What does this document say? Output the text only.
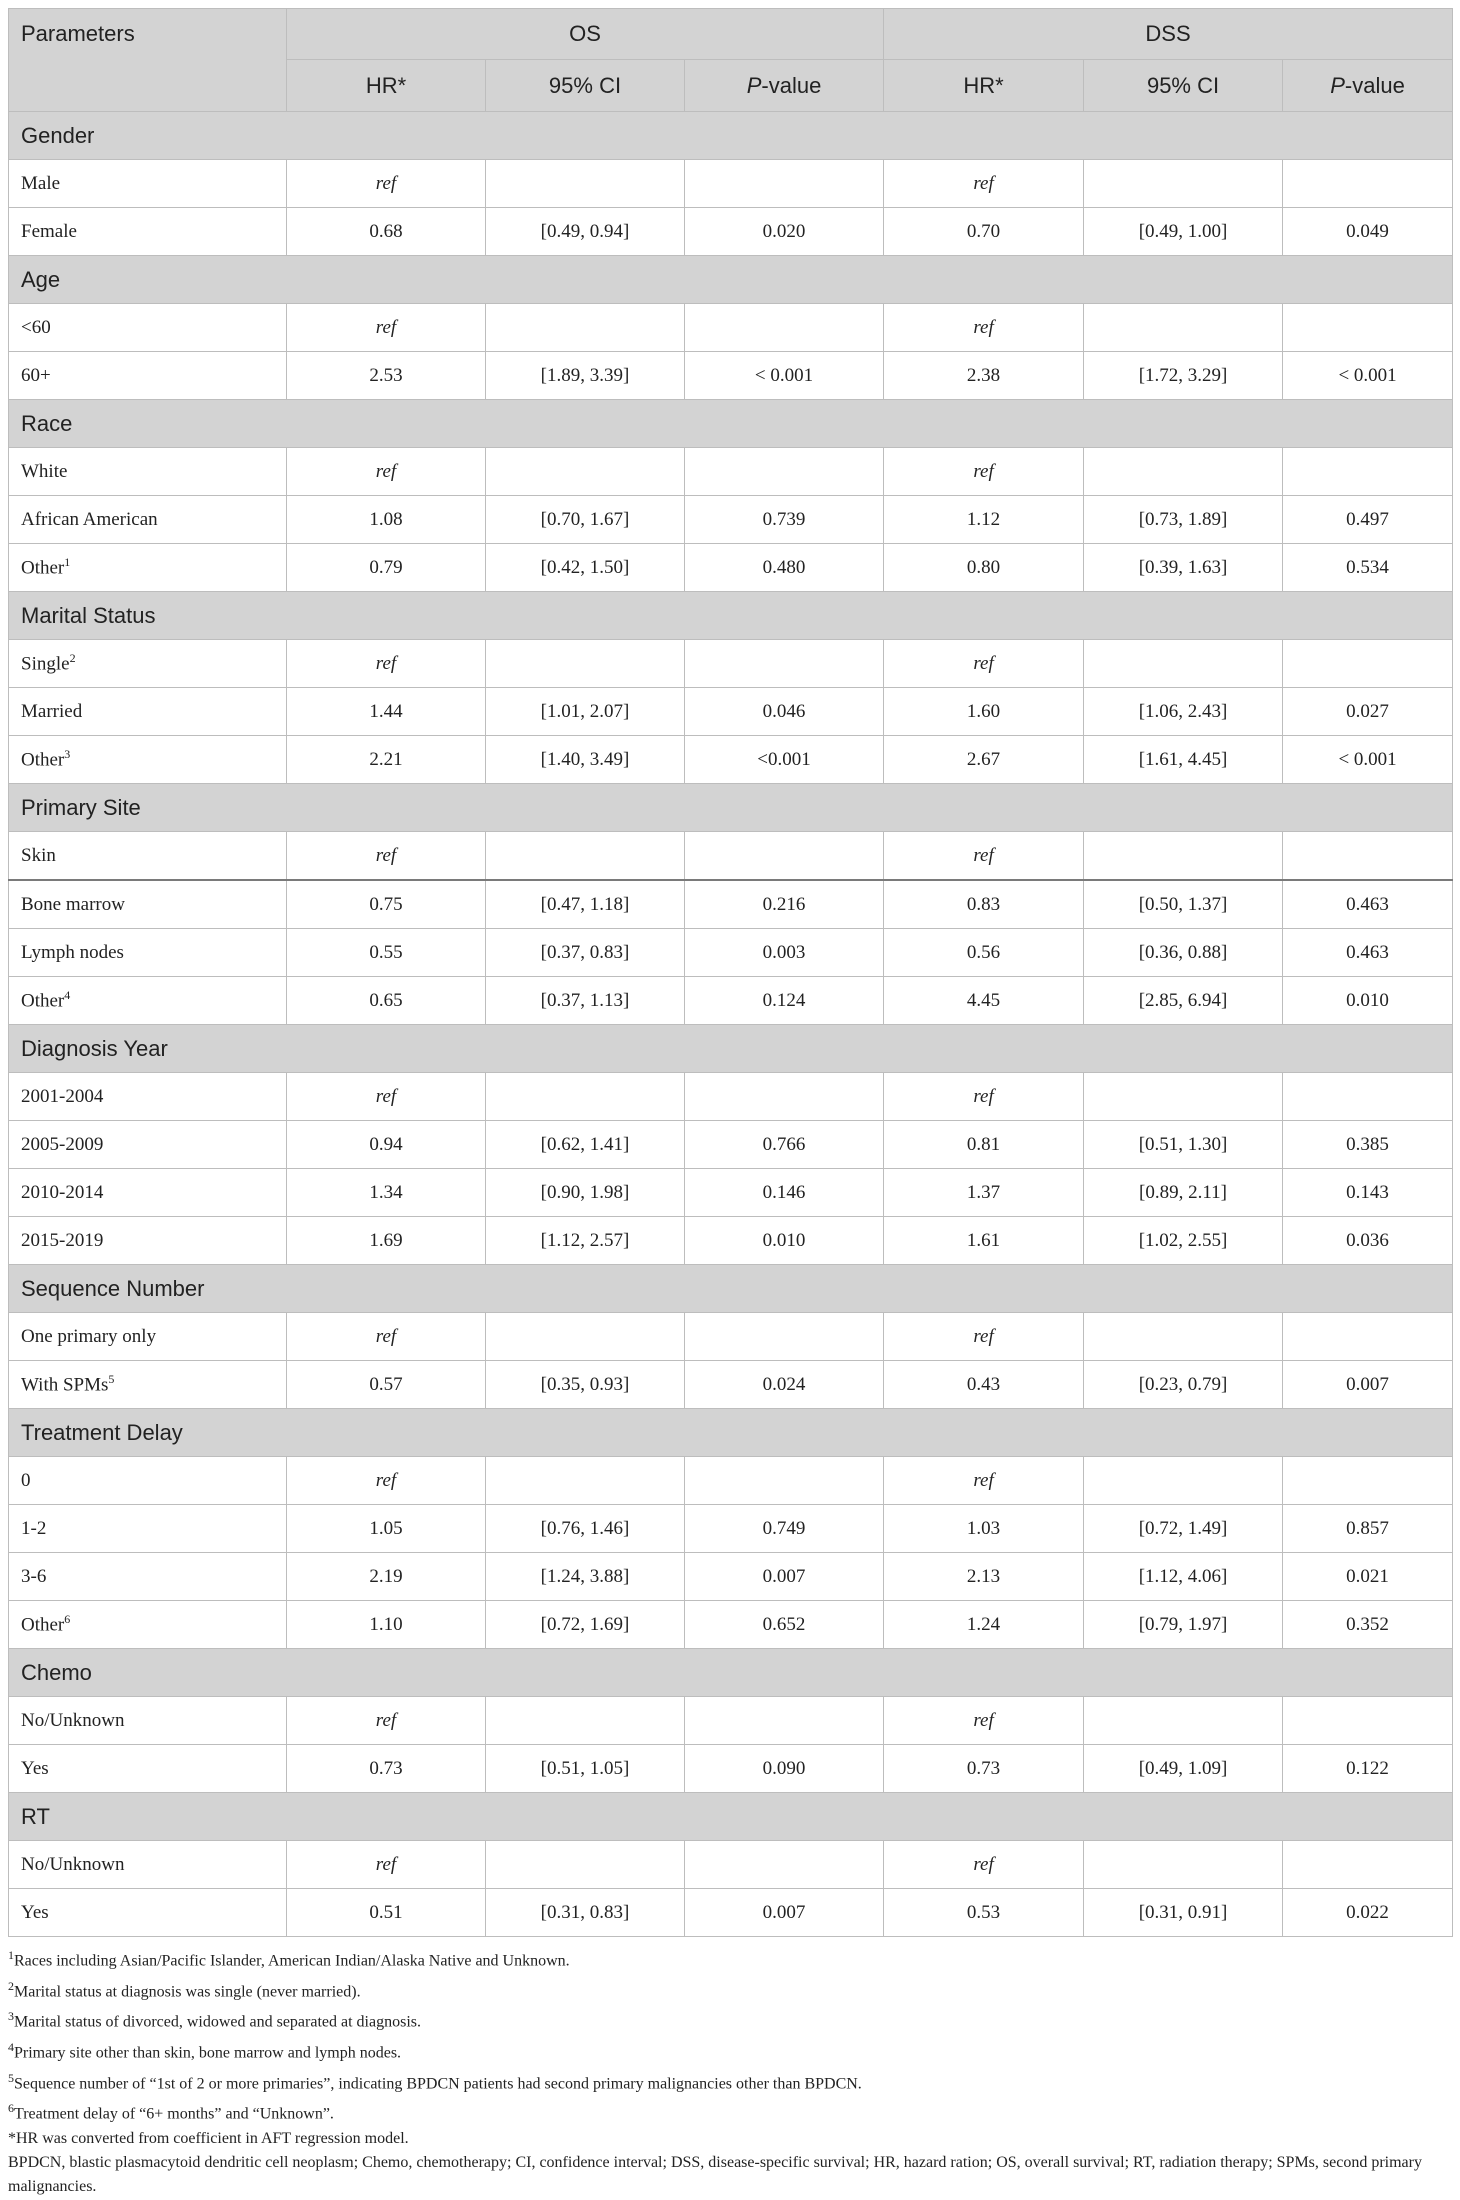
Parameters	OS			DSS		
	HR*	95% CI	P-value	HR*	95% CI	P-value
Gender						
Male	ref			ref		
Female	0.68	[0.49, 0.94]	0.020	0.70	[0.49, 1.00]	0.049
Age						
<60	ref			ref		
60+	2.53	[1.89, 3.39]	< 0.001	2.38	[1.72, 3.29]	< 0.001
Race						
White	ref			ref		
African American	1.08	[0.70, 1.67]	0.739	1.12	[0.73, 1.89]	0.497
Other$^1$	0.79	[0.42, 1.50]	0.480	0.80	[0.39, 1.63]	0.534
Marital Status						
Single$^2$	ref			ref		
Married	1.44	[1.01, 2.07]	0.046	1.60	[1.06, 2.43]	0.027
Other$^3$	2.21	[1.40, 3.49]	<0.001	2.67	[1.61, 4.45]	< 0.001
Primary Site						
Skin	ref			ref		
Bone marrow	0.75	[0.47, 1.18]	0.216	0.83	[0.50, 1.37]	0.463
Lymph nodes	0.55	[0.37, 0.83]	0.003	0.56	[0.36, 0.88]	0.463
Other$^4$	0.65	[0.37, 1.13]	0.124	4.45	[2.85, 6.94]	0.010
Diagnosis Year						
2001-2004	ref			ref		
2005-2009	0.94	[0.62, 1.41]	0.766	0.81	[0.51, 1.30]	0.385
2010-2014	1.34	[0.90, 1.98]	0.146	1.37	[0.89, 2.11]	0.143
2015-2019	1.69	[1.12, 2.57]	0.010	1.61	[1.02, 2.55]	0.036
Sequence Number						
One primary only	ref			ref		
With SPMs$^5$	0.57	[0.35, 0.93]	0.024	0.43	[0.23, 0.79]	0.007
Treatment Delay						
0	ref			ref		
1-2	1.05	[0.76, 1.46]	0.749	1.03	[0.72, 1.49]	0.857
3-6	2.19	[1.24, 3.88]	0.007	2.13	[1.12, 4.06]	0.021
Other$^6$	1.10	[0.72, 1.69]	0.652	1.24	[0.79, 1.97]	0.352
Chemo						
No/Unknown	ref			ref		
Yes	0.73	[0.51, 1.05]	0.090	0.73	[0.49, 1.09]	0.122
RT						
No/Unknown	ref			ref		
Yes	0.51	[0.31, 0.83]	0.007	0.53	[0.31, 0.91]	0.022
$^1$Races including Asian/Pacific Islander, American Indian/Alaska Native and Unknown.
$^2$Marital status at diagnosis was single (never married).
$^3$Marital status of divorced, widowed and separated at diagnosis.
$^4$Primary site other than skin, bone marrow and lymph nodes.
$^5$Sequence number of “1st of 2 or more primaries”, indicating BPDCN patients had second primary malignancies other than BPDCN.
$^6$Treatment delay of “6+ months” and “Unknown”.
*HR was converted from coefficient in AFT regression model.
BPDCN, blastic plasmacytoid dendritic cell neoplasm; Chemo, chemotherapy; CI, confidence interval; DSS, disease-specific survival; HR, hazard ration; OS, overall survival; RT, radiation therapy; SPMs, second primary malignancies.
